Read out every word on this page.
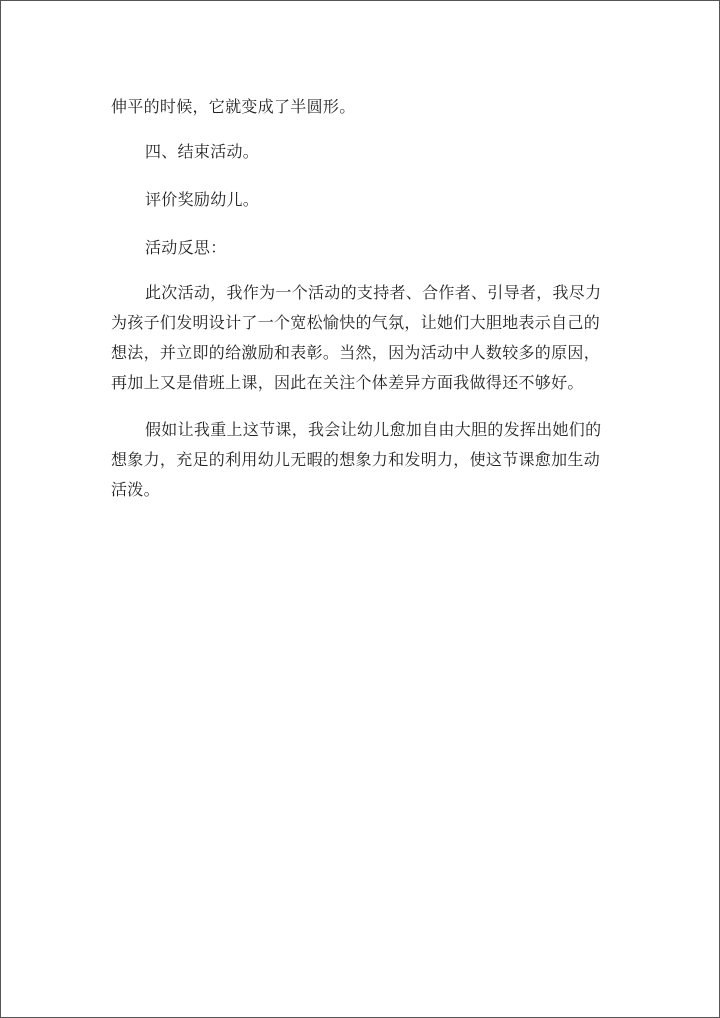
伸平的时候，它就变成了半圆形。

四、结束活动。

评价奖励幼儿。

活动反思：

此次活动，我作为一个活动的支持者、合作者、引导者，我尽力
为孩子们发明设计了一个宽松愉快的气氛，让她们大胆地表示自己的
想法，并立即的给激励和表彰。当然，因为活动中人数较多的原因，
再加上又是借班上课，因此在关注个体差异方面我做得还不够好。

假如让我重上这节课，我会让幼儿愈加自由大胆的发挥出她们的
想象力，充足的利用幼儿无暇的想象力和发明力，使这节课愈加生动
活泼。
